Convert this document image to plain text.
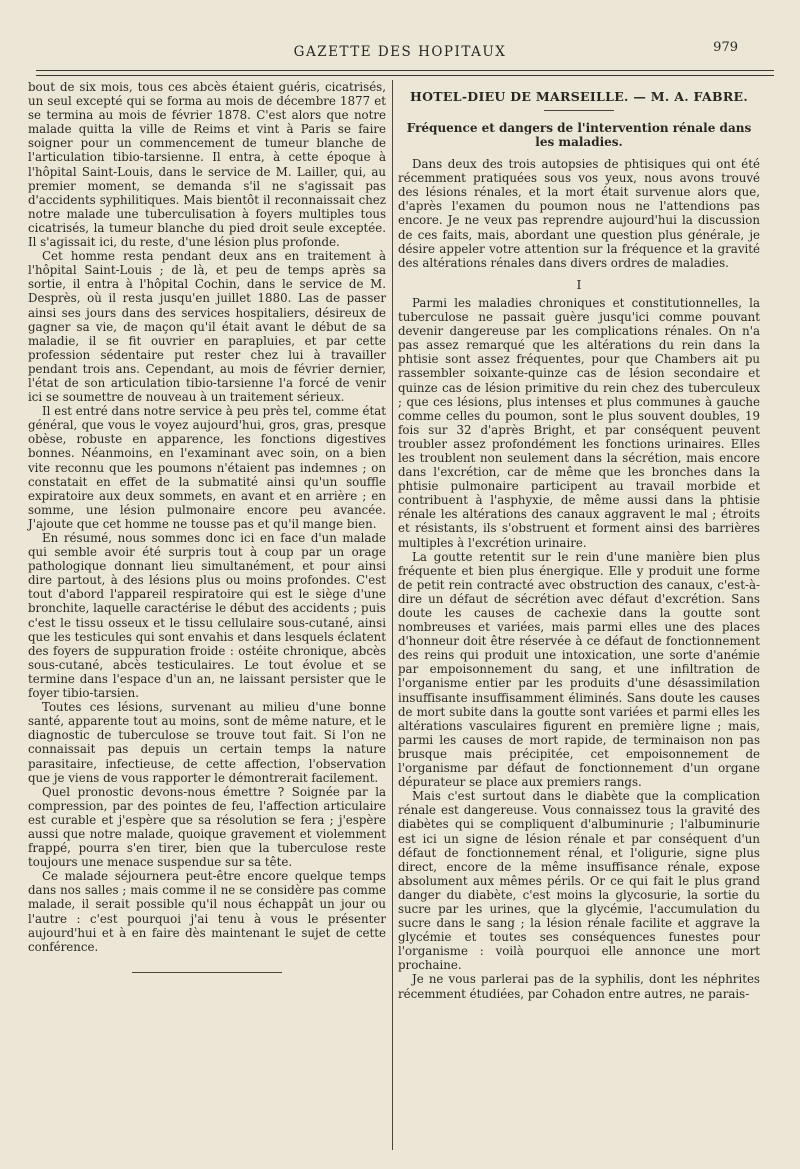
GAZETTE DES HOPITAUX	979

bout de six mois, tous ces abcès étaient guéris, cicatrisés, un seul excepté qui se forma au mois de décembre 1877 et se termina au mois de février 1878. C'est alors que notre malade quitta la ville de Reims et vint à Paris se faire soigner pour un commencement de tumeur blanche de l'articulation tibio-tarsienne. Il entra, à cette époque à l'hôpital Saint-Louis, dans le service de M. Lailler, qui, au premier moment, se demanda s'il ne s'agissait pas d'accidents syphilitiques. Mais bientôt il reconnaissait chez notre malade une tuberculisation à foyers multiples tous cicatrisés, la tumeur blanche du pied droit seule exceptée. Il s'agissait ici, du reste, d'une lésion plus profonde.

Cet homme resta pendant deux ans en traitement à l'hôpital Saint-Louis ; de là, et peu de temps après sa sortie, il entra à l'hôpital Cochin, dans le service de M. Desprès, où il resta jusqu'en juillet 1880. Las de passer ainsi ses jours dans des services hospitaliers, désireux de gagner sa vie, de maçon qu'il était avant le début de sa maladie, il se fit ouvrier en parapluies, et par cette profession sédentaire put rester chez lui à travailler pendant trois ans. Cependant, au mois de février dernier, l'état de son articulation tibio-tarsienne l'a forcé de venir ici se soumettre de nouveau à un traitement sérieux.

Il est entré dans notre service à peu près tel, comme état général, que vous le voyez aujourd'hui, gros, gras, presque obèse, robuste en apparence, les fonctions digestives bonnes. Néanmoins, en l'examinant avec soin, on a bien vite reconnu que les poumons n'étaient pas indemnes ; on constatait en effet de la submatité ainsi qu'un souffle expiratoire aux deux sommets, en avant et en arrière ; en somme, une lésion pulmonaire encore peu avancée. J'ajoute que cet homme ne tousse pas et qu'il mange bien.

En résumé, nous sommes donc ici en face d'un malade qui semble avoir été surpris tout à coup par un orage pathologique donnant lieu simultanément, et pour ainsi dire partout, à des lésions plus ou moins profondes. C'est tout d'abord l'appareil respiratoire qui est le siège d'une bronchite, laquelle caractérise le début des accidents ; puis c'est le tissu osseux et le tissu cellulaire sous-cutané, ainsi que les testicules qui sont envahis et dans lesquels éclatent des foyers de suppuration froide : ostéite chronique, abcès sous-cutané, abcès testiculaires. Le tout évolue et se termine dans l'espace d'un an, ne laissant persister que le foyer tibio-tarsien.

Toutes ces lésions, survenant au milieu d'une bonne santé, apparente tout au moins, sont de même nature, et le diagnostic de tuberculose se trouve tout fait. Si l'on ne connaissait pas depuis un certain temps la nature parasitaire, infectieuse, de cette affection, l'observation que je viens de vous rapporter le démontrerait facilement.

Quel pronostic devons-nous émettre ? Soignée par la compression, par des pointes de feu, l'affection articulaire est curable et j'espère que sa résolution se fera ; j'espère aussi que notre malade, quoique gravement et violemment frappé, pourra s'en tirer, bien que la tuberculose reste toujours une menace suspendue sur sa tête.

Ce malade séjournera peut-être encore quelque temps dans nos salles ; mais comme il ne se considère pas comme malade, il serait possible qu'il nous échappât un jour ou l'autre : c'est pourquoi j'ai tenu à vous le présenter aujourd'hui et à en faire dès maintenant le sujet de cette conférence.

HOTEL-DIEU DE MARSEILLE. — M. A. FABRE.
Fréquence et dangers de l'intervention rénale dans les maladies.

Dans deux des trois autopsies de phtisiques qui ont été récemment pratiquées sous vos yeux, nous avons trouvé des lésions rénales, et la mort était survenue alors que, d'après l'examen du poumon nous ne l'attendions pas encore. Je ne veux pas reprendre aujourd'hui la discussion de ces faits, mais, abordant une question plus générale, je désire appeler votre attention sur la fréquence et la gravité des altérations rénales dans divers ordres de maladies.

I

Parmi les maladies chroniques et constitutionnelles, la tuberculose ne passait guère jusqu'ici comme pouvant devenir dangereuse par les complications rénales. On n'a pas assez remarqué que les altérations du rein dans la phtisie sont assez fréquentes, pour que Chambers ait pu rassembler soixante-quinze cas de lésion secondaire et quinze cas de lésion primitive du rein chez des tuberculeux ; que ces lésions, plus intenses et plus communes à gauche comme celles du poumon, sont le plus souvent doubles, 19 fois sur 32 d'après Bright, et par conséquent peuvent troubler assez profondément les fonctions urinaires. Elles les troublent non seulement dans la sécrétion, mais encore dans l'excrétion, car de même que les bronches dans la phtisie pulmonaire participent au travail morbide et contribuent à l'asphyxie, de même aussi dans la phtisie rénale les altérations des canaux aggravent le mal ; étroits et résistants, ils s'obstruent et forment ainsi des barrières multiples à l'excrétion urinaire.

La goutte retentit sur le rein d'une manière bien plus fréquente et bien plus énergique. Elle y produit une forme de petit rein contracté avec obstruction des canaux, c'est-à-dire un défaut de sécrétion avec défaut d'excrétion. Sans doute les causes de cachexie dans la goutte sont nombreuses et variées, mais parmi elles une des places d'honneur doit être réservée à ce défaut de fonctionnement des reins qui produit une intoxication, une sorte d'anémie par empoisonnement du sang, et une infiltration de l'organisme entier par les produits d'une désassimilation insuffisante insuffisamment éliminés. Sans doute les causes de mort subite dans la goutte sont variées et parmi elles les altérations vasculaires figurent en première ligne ; mais, parmi les causes de mort rapide, de terminaison non pas brusque mais précipitée, cet empoisonnement de l'organisme par défaut de fonctionnement d'un organe dépurateur se place aux premiers rangs.

Mais c'est surtout dans le diabète que la complication rénale est dangereuse. Vous connaissez tous la gravité des diabètes qui se compliquent d'albuminurie ; l'albuminurie est ici un signe de lésion rénale et par conséquent d'un défaut de fonctionnement rénal, et l'oligurie, signe plus direct, encore de la même insuffisance rénale, expose absolument aux mêmes périls. Or ce qui fait le plus grand danger du diabète, c'est moins la glycosurie, la sortie du sucre par les urines, que la glycémie, l'accumulation du sucre dans le sang ; la lésion rénale facilite et aggrave la glycémie et toutes ses conséquences funestes pour l'organisme : voilà pourquoi elle annonce une mort prochaine.

Je ne vous parlerai pas de la syphilis, dont les néphrites récemment étudiées, par Cohadon entre autres, ne parais-
